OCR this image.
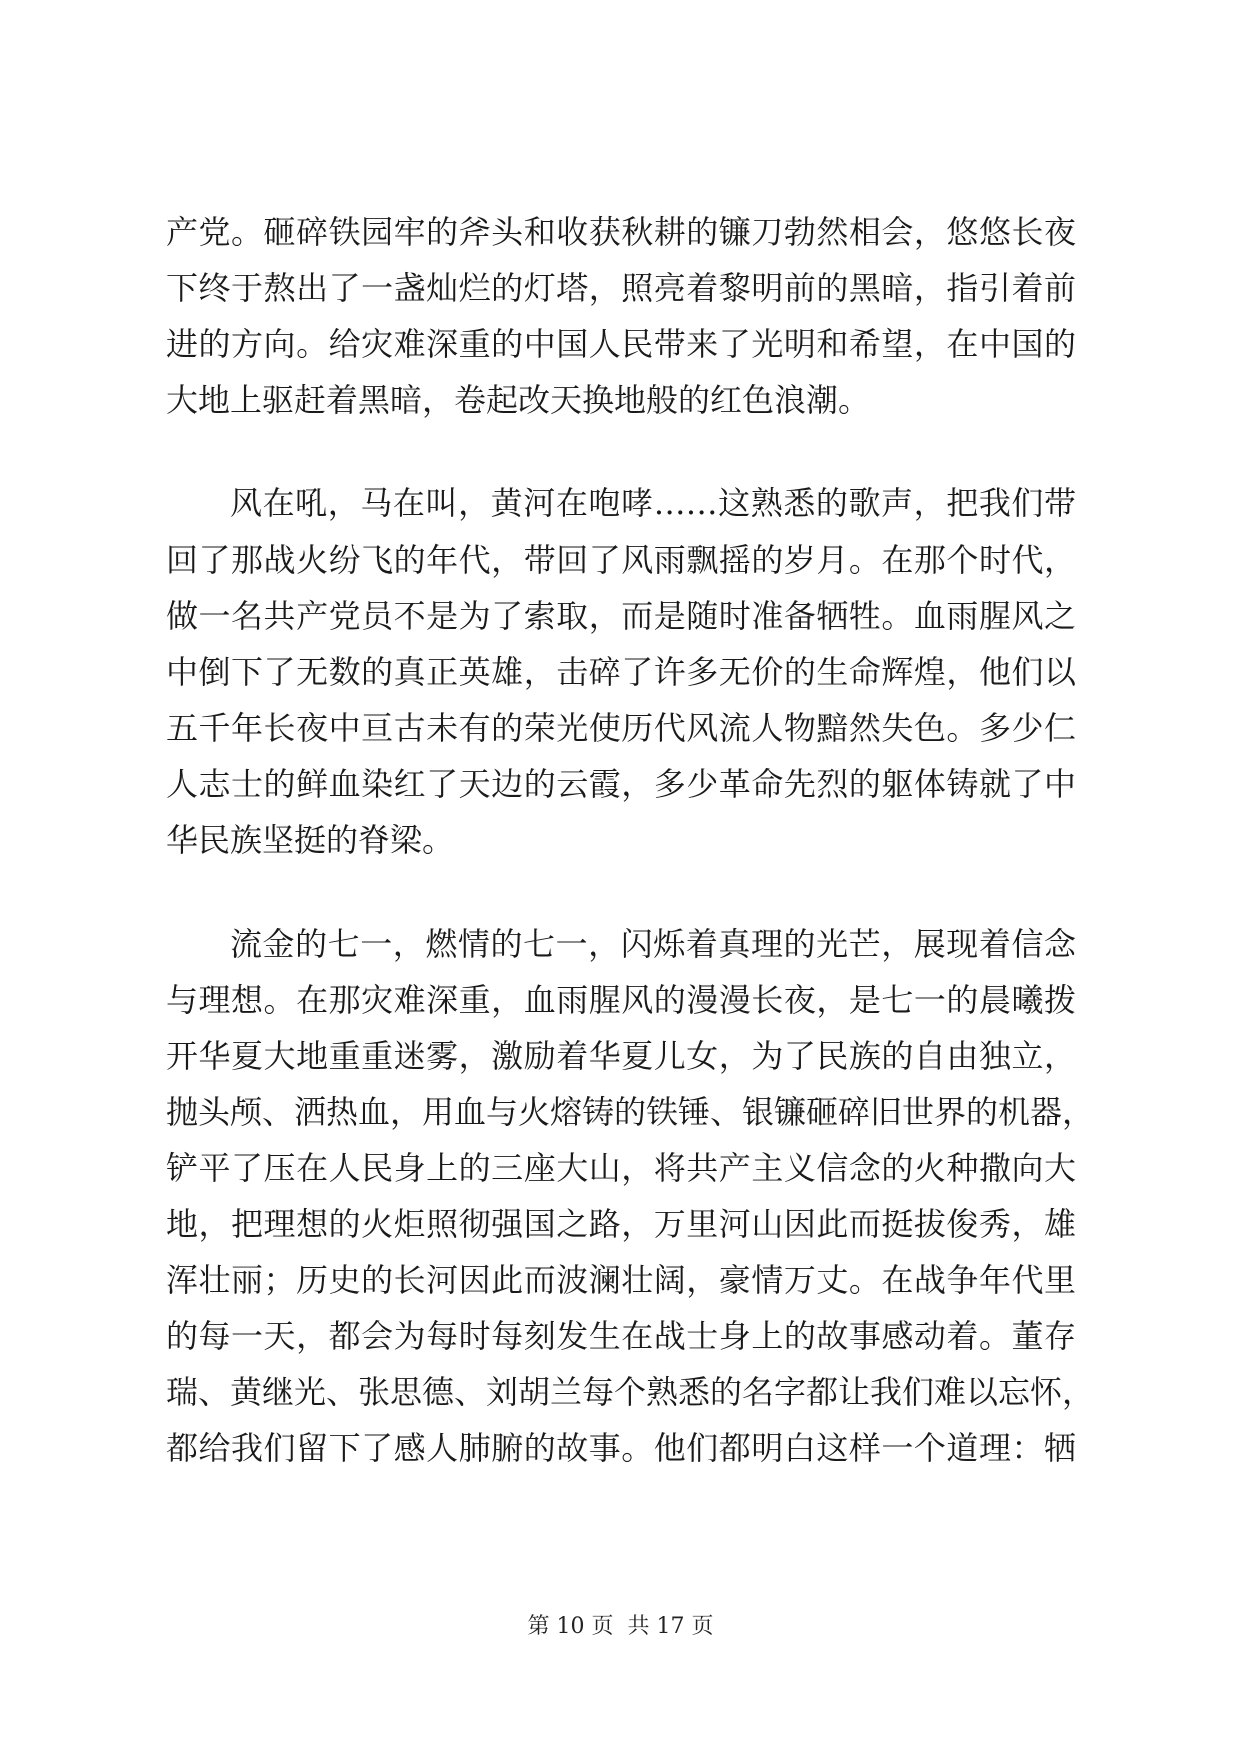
产党。砸碎铁园牢的斧头和收获秋耕的镰刀勃然相会，悠悠长夜
下终于熬出了一盏灿烂的灯塔，照亮着黎明前的黑暗，指引着前
进的方向。给灾难深重的中国人民带来了光明和希望，在中国的
大地上驱赶着黑暗，卷起改天换地般的红色浪潮。
风在吼，马在叫，黄河在咆哮……这熟悉的歌声，把我们带
回了那战火纷飞的年代，带回了风雨飘摇的岁月。在那个时代，
做一名共产党员不是为了索取，而是随时准备牺牲。血雨腥风之
中倒下了无数的真正英雄，击碎了许多无价的生命辉煌，他们以
五千年长夜中亘古未有的荣光使历代风流人物黯然失色。多少仁
人志士的鲜血染红了天边的云霞，多少革命先烈的躯体铸就了中
华民族坚挺的脊梁。
流金的七一，燃情的七一，闪烁着真理的光芒，展现着信念
与理想。在那灾难深重，血雨腥风的漫漫长夜，是七一的晨曦拨
开华夏大地重重迷雾，激励着华夏儿女，为了民族的自由独立，
抛头颅、洒热血，用血与火熔铸的铁锤、银镰砸碎旧世界的机器，
铲平了压在人民身上的三座大山，将共产主义信念的火种撒向大
地，把理想的火炬照彻强国之路，万里河山因此而挺拔俊秀，雄
浑壮丽；历史的长河因此而波澜壮阔，豪情万丈。在战争年代里
的每一天，都会为每时每刻发生在战士身上的故事感动着。董存
瑞、黄继光、张思德、刘胡兰每个熟悉的名字都让我们难以忘怀，
都给我们留下了感人肺腑的故事。他们都明白这样一个道理：牺
第 10 页  共 17 页
